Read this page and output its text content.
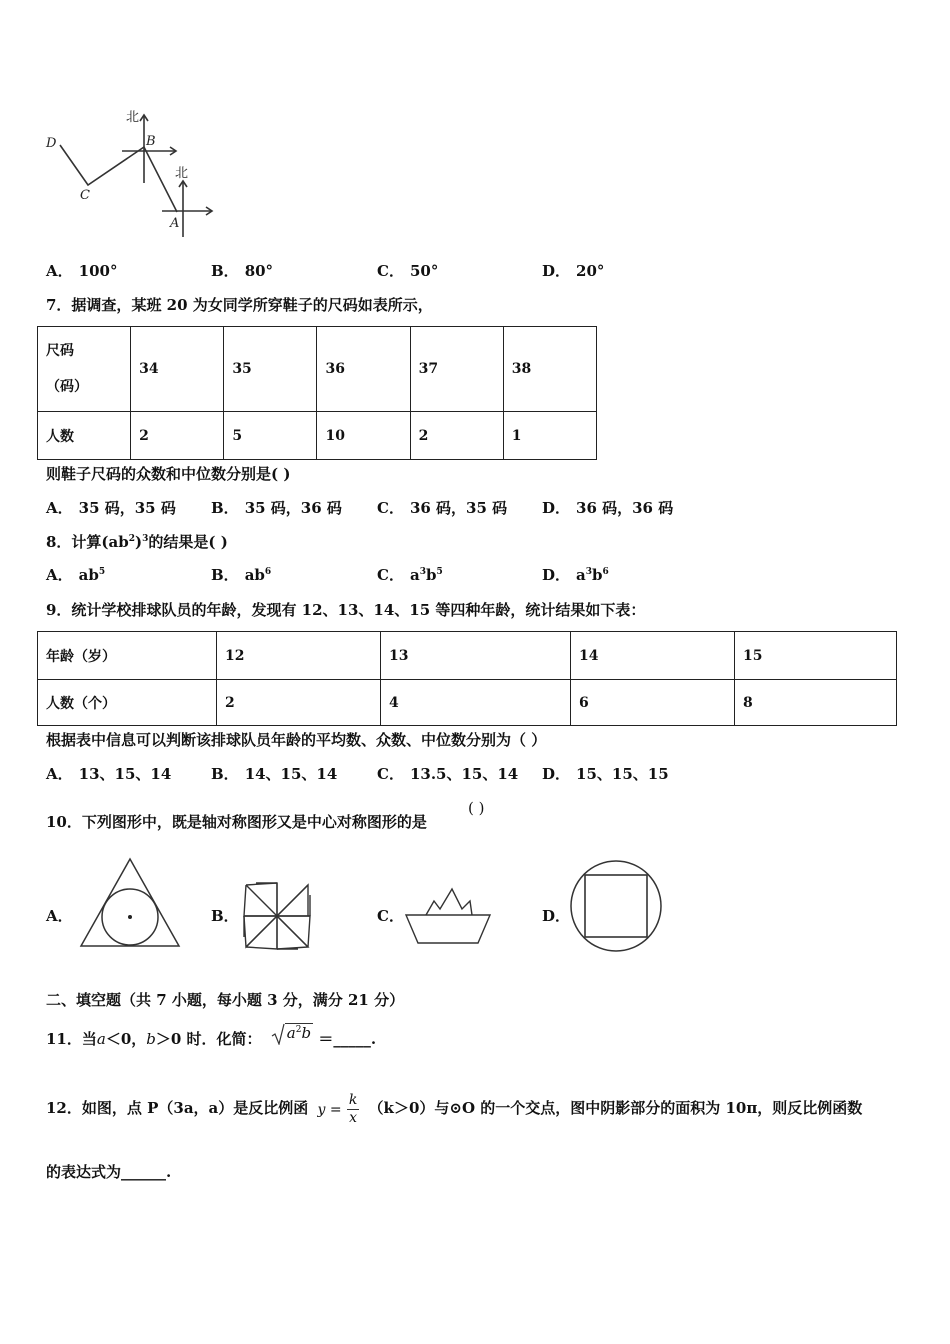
北
北
B
D
C
A
A． 100°	B． 80°	C． 50°	D． 20°
7．据调查，某班 20 为女同学所穿鞋子的尺码如表所示，
尺码
（码）	34	35	36	37	38
人数	2	5	10	2	1
则鞋子尺码的众数和中位数分别是( )
A． 35 码，35 码 B． 35 码，36 码 C． 36 码，35 码 D． 36 码，36 码
8．计算$(ab^2)^3$的结果是( )
A． $ab^5$	B． $ab^6$	C． $a^3b^5$	D． $a^3b^6$
9．统计学校排球队员的年龄，发现有 12、13、14、15 等四种年龄，统计结果如下表：
年龄（岁）	12	13	14	15
人数（个）	2	4	6	8
根据表中信息可以判断该排球队员年龄的平均数、众数、中位数分别为（ ）
A． 13、15、14	B． 14、15、14	C． 13.5、15、14 D． 15、15、15
10．下列图形中，既是轴对称图形又是中心对称图形的是
( )
A．	B．	C．	D．
二、填空题（共 7 小题，每小题 3 分，满分 21 分）
11．当a＜0，b＞0 时．化简： $a^2b$ ＝_____.
12．如图，点 P（3a，a）是反比例函 $y = \frac{k}{x} (k>0)$与⊙O 的一个交点，图中阴影部分的面积为 10π，则反比例函数
的表达式为______.
